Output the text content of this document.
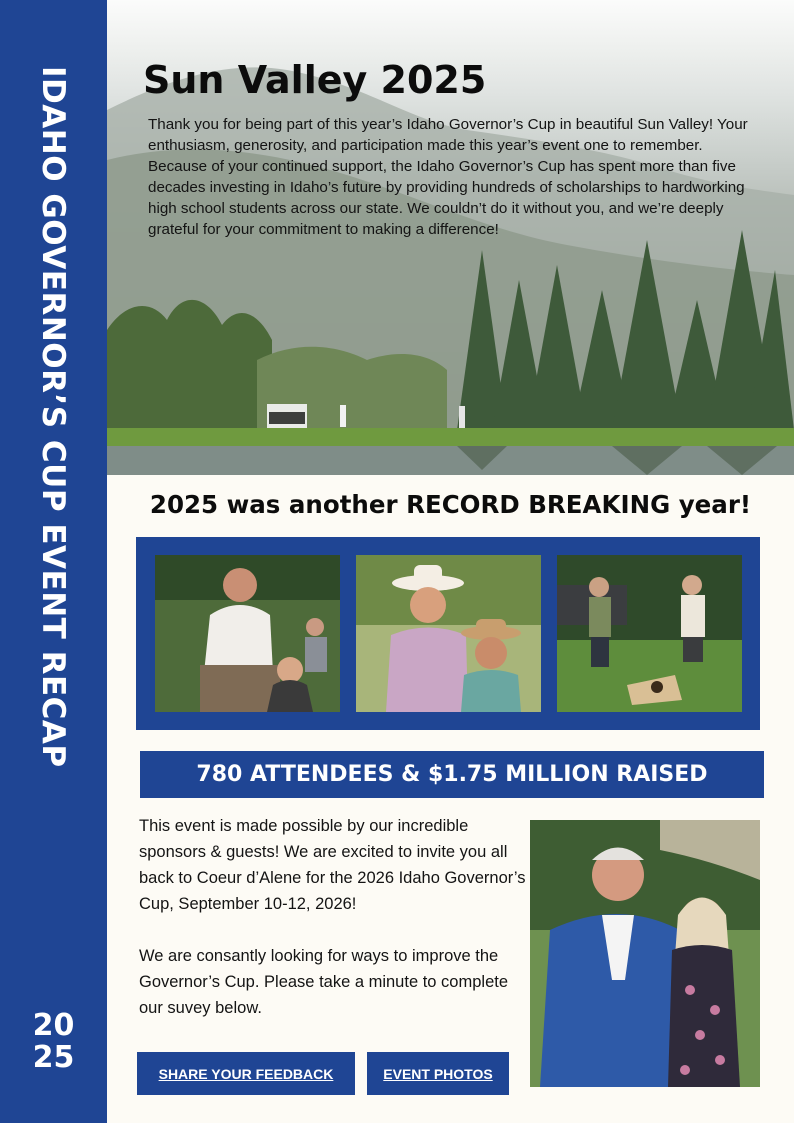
IDAHO GOVERNOR’S CUP EVENT RECAP
20
25
Sun Valley 2025

Thank you for being part of this year’s Idaho Governor’s Cup in beautiful Sun Valley! Your enthusiasm, generosity, and participation made this year’s event one to remember. Because of your continued support, the Idaho Governor’s Cup has spent more than five decades investing in Idaho’s future by providing hundreds of scholarships to hardworking high school students across our state. We couldn’t do it without you, and we’re deeply grateful for your commitment to making a difference!

2025 was another RECORD BREAKING year!
780 ATTENDEES & $1.75 MILLION RAISED

This event is made possible by our incredible sponsors & guests! We are excited to invite you all back to Coeur d’Alene for the 2026 Idaho Governor’s Cup, September 10-12, 2026!

We are consantly looking for ways to improve the Governor’s Cup. Please take a minute to complete our suvey below.

SHARE YOUR FEEDBACK	EVENT PHOTOS
